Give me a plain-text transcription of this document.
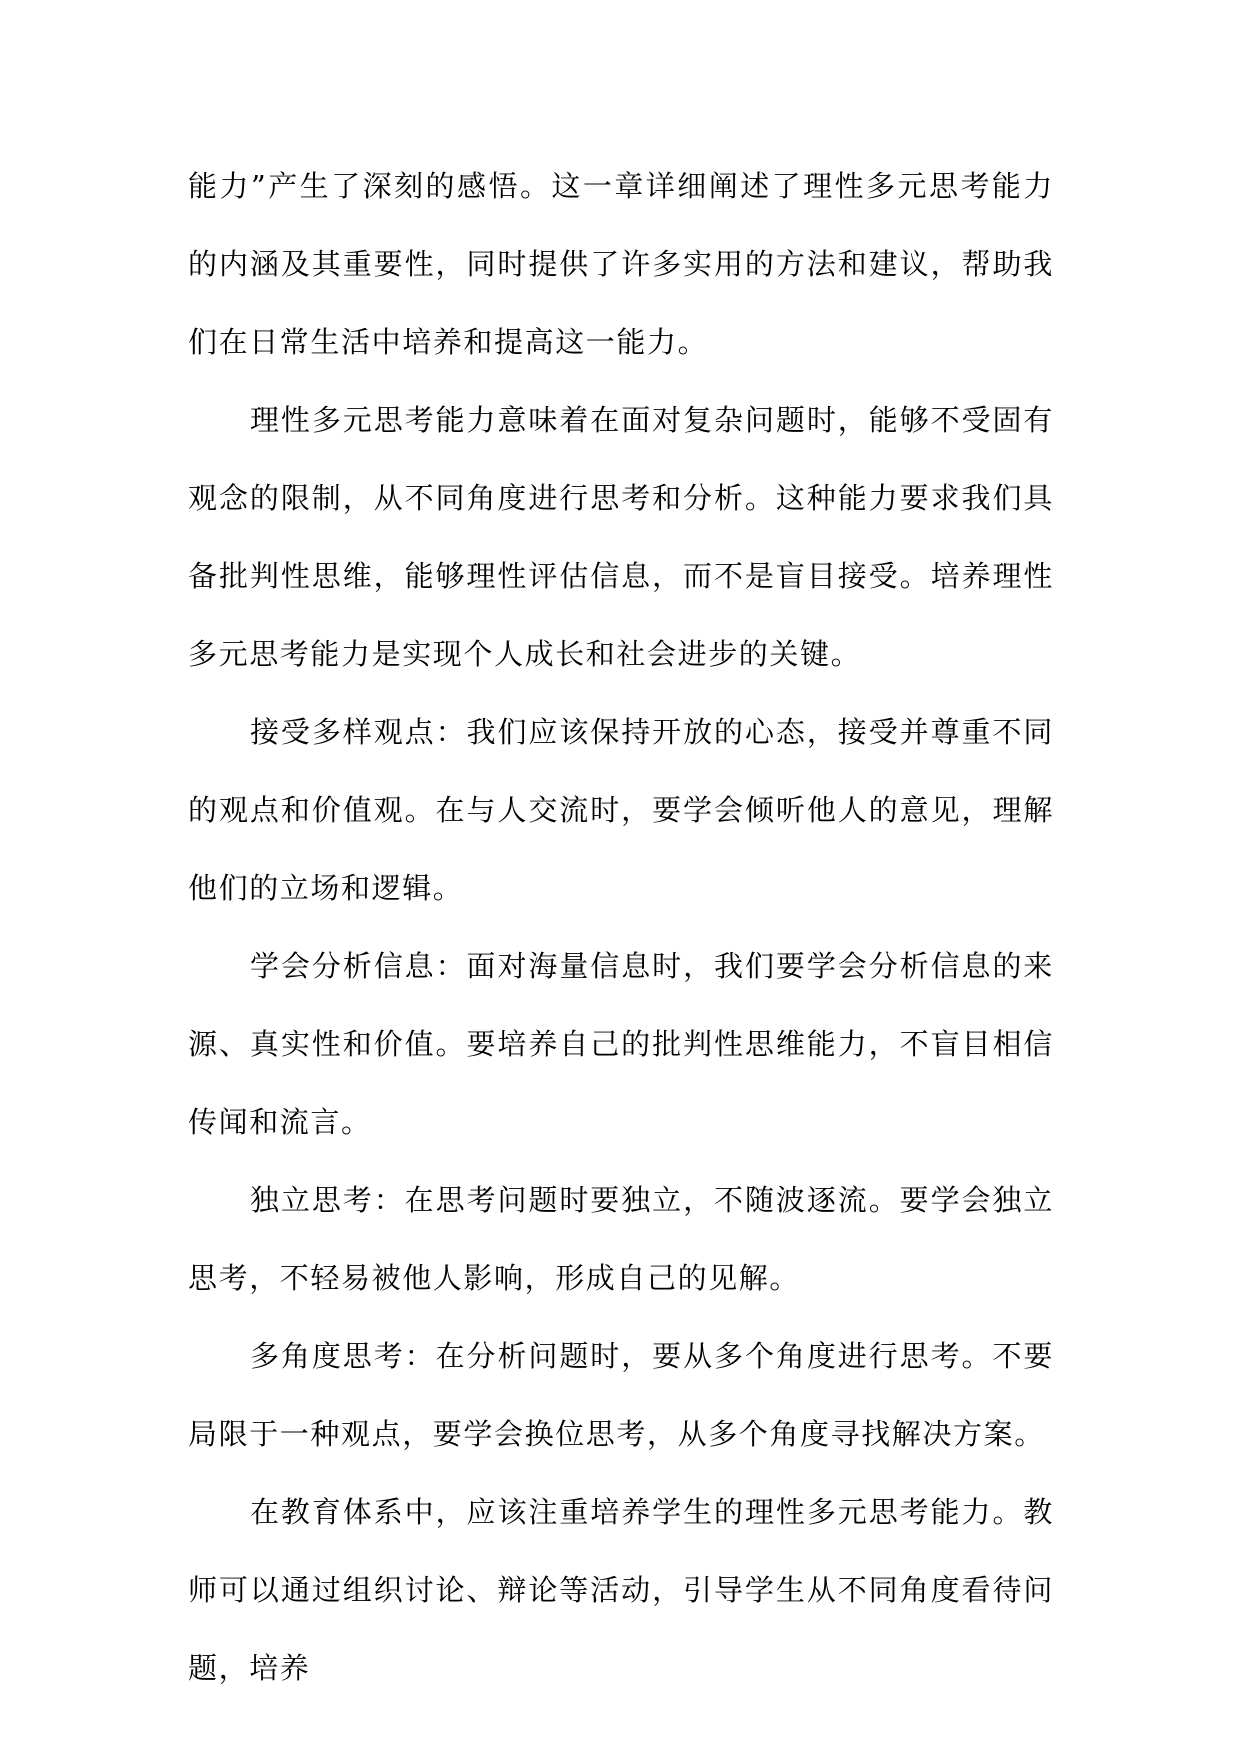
能力”产生了深刻的感悟。这一章详细阐述了理性多元思考能力的内涵及其重要性，同时提供了许多实用的方法和建议，帮助我们在日常生活中培养和提高这一能力。

理性多元思考能力意味着在面对复杂问题时，能够不受固有观念的限制，从不同角度进行思考和分析。这种能力要求我们具备批判性思维，能够理性评估信息，而不是盲目接受。培养理性多元思考能力是实现个人成长和社会进步的关键。

接受多样观点：我们应该保持开放的心态，接受并尊重不同的观点和价值观。在与人交流时，要学会倾听他人的意见，理解他们的立场和逻辑。

学会分析信息：面对海量信息时，我们要学会分析信息的来源、真实性和价值。要培养自己的批判性思维能力，不盲目相信传闻和流言。

独立思考：在思考问题时要独立，不随波逐流。要学会独立思考，不轻易被他人影响，形成自己的见解。

多角度思考：在分析问题时，要从多个角度进行思考。不要局限于一种观点，要学会换位思考，从多个角度寻找解决方案。

在教育体系中，应该注重培养学生的理性多元思考能力。教师可以通过组织讨论、辩论等活动，引导学生从不同角度看待问题，培养
